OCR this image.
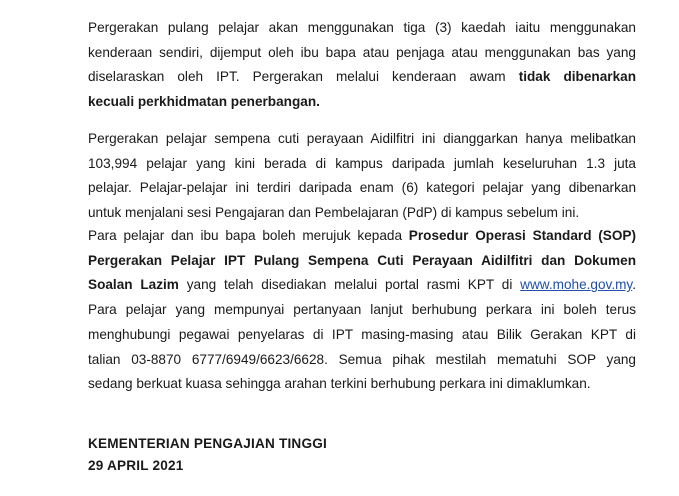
Pergerakan pulang pelajar akan menggunakan tiga (3) kaedah iaitu menggunakan
kenderaan sendiri, dijemput oleh ibu bapa atau penjaga atau menggunakan bas yang
diselaraskan oleh IPT. Pergerakan melalui kenderaan awam tidak dibenarkan
kecuali perkhidmatan penerbangan.
Pergerakan pelajar sempena cuti perayaan Aidilfitri ini dianggarkan hanya melibatkan
103,994 pelajar yang kini berada di kampus daripada jumlah keseluruhan 1.3 juta
pelajar. Pelajar-pelajar ini terdiri daripada enam (6) kategori pelajar yang dibenarkan
untuk menjalani sesi Pengajaran dan Pembelajaran (PdP) di kampus sebelum ini.
Para pelajar dan ibu bapa boleh merujuk kepada Prosedur Operasi Standard (SOP)
Pergerakan Pelajar IPT Pulang Sempena Cuti Perayaan Aidilfitri dan Dokumen
Soalan Lazim yang telah disediakan melalui portal rasmi KPT di www.mohe.gov.my.
Para pelajar yang mempunyai pertanyaan lanjut berhubung perkara ini boleh terus
menghubungi pegawai penyelaras di IPT masing-masing atau Bilik Gerakan KPT di
talian 03-8870 6777/6949/6623/6628. Semua pihak mestilah mematuhi SOP yang
sedang berkuat kuasa sehingga arahan terkini berhubung perkara ini dimaklumkan.
KEMENTERIAN PENGAJIAN TINGGI
29 APRIL 2021
